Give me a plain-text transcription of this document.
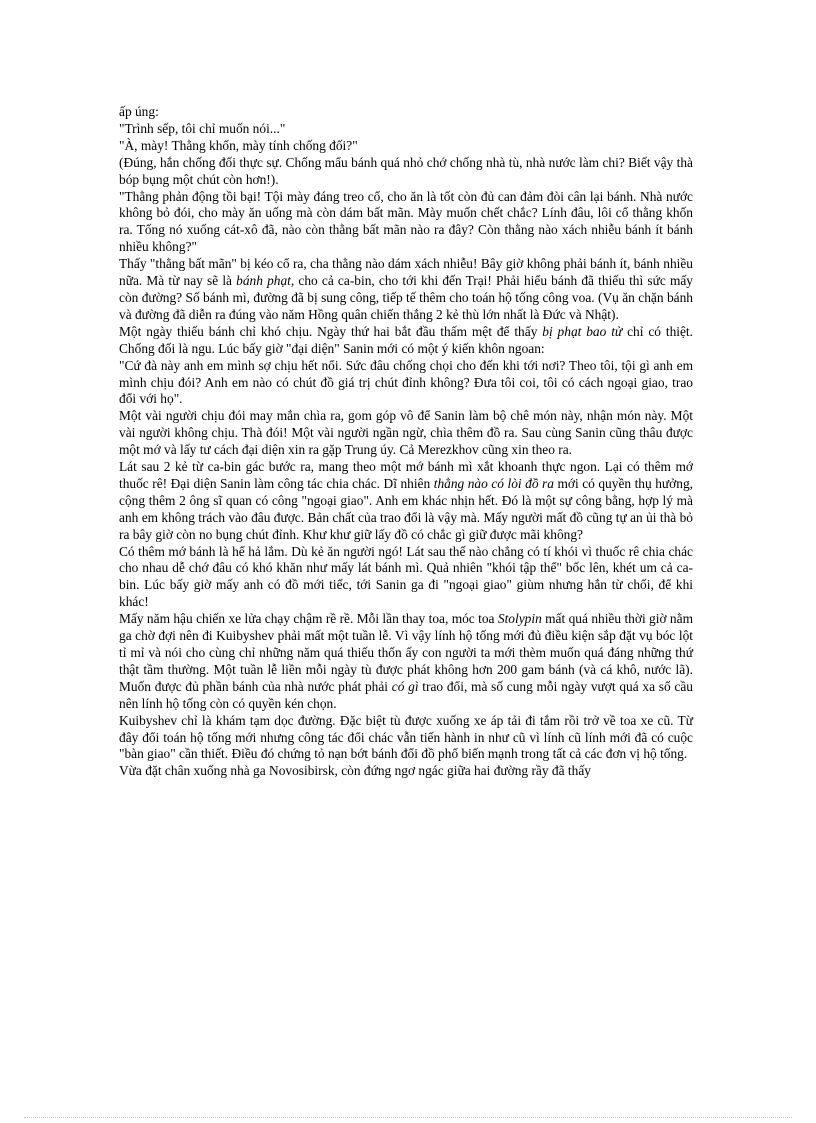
ấp úng:

"Trình sếp, tôi chỉ muốn nói..."

"À, mày! Thằng khốn, mày tính chống đối?"

(Đúng, hắn chống đối thực sự. Chống mẩu bánh quá nhỏ chớ chống nhà tù, nhà nước làm chi? Biết vậy thà bóp bụng một chút còn hơn!).

"Thằng phản động tồi bại! Tội mày đáng treo cổ, cho ăn là tốt còn đủ can đảm đòi cân lại bánh. Nhà nước không bỏ đói, cho mày ăn uống mà còn dám bất mãn. Mày muốn chết chắc? Lính đâu, lôi cổ thằng khốn ra. Tống nó xuống cát-xô đã, nào còn thằng bất mãn nào ra đây? Còn thằng nào xách nhiễu bánh ít bánh nhiều không?"

Thấy "thằng bất mãn" bị kéo cổ ra, cha thằng nào dám xách nhiễu! Bây giờ không phải bánh ít, bánh nhiều nữa. Mà từ nay sẽ là bánh phạt, cho cả ca-bin, cho tới khi đến Trại! Phải hiểu bánh đã thiếu thì sức mấy còn đường? Số bánh mì, đường đã bị sung công, tiếp tế thêm cho toán hộ tống công voa. (Vụ ăn chặn bánh và đường đã diễn ra đúng vào năm Hồng quân chiến thắng 2 kẻ thù lớn nhất là Đức và Nhật).

Một ngày thiếu bánh chỉ khó chịu. Ngày thứ hai bắt đầu thấm mệt để thấy bị phạt bao tử chỉ có thiệt. Chống đối là ngu. Lúc bấy giờ "đại diện" Sanin mới có một ý kiến khôn ngoan:

"Cứ đà này anh em mình sợ chịu hết nổi. Sức đâu chống chọi cho đến khi tới nơi? Theo tôi, tội gì anh em mình chịu đói? Anh em nào có chút đồ giá trị chút đỉnh không? Đưa tôi coi, tôi có cách ngoại giao, trao đổi với họ".

Một vài người chịu đói may mắn chìa ra, gom góp vô để Sanin làm bộ chê món này, nhận món này. Một vài người không chịu. Thà đói! Một vài người ngần ngừ, chìa thêm đồ ra. Sau cùng Sanin cũng thâu được một mớ và lấy tư cách đại diện xin ra gặp Trung úy. Cả Merezkhov cũng xin theo ra.

Lát sau 2 kẻ từ ca-bin gác bước ra, mang theo một mớ bánh mì xắt khoanh thực ngon. Lại có thêm mớ thuốc rê! Đại diện Sanin làm công tác chia chác. Dĩ nhiên thằng nào có lòi đồ ra mới có quyền thụ hưởng, cộng thêm 2 ông sĩ quan có công "ngoại giao". Anh em khác nhịn hết. Đó là một sự công bằng, hợp lý mà anh em không trách vào đâu được. Bản chất của trao đổi là vậy mà. Mấy người mất đồ cũng tự an ủi thà bỏ ra bây giờ còn no bụng chút đỉnh. Khư khư giữ lấy đồ có chắc gì giữ được mãi không?

Có thêm mớ bánh là hể hả lắm. Dù kẻ ăn người ngó! Lát sau thế nào chẳng có tí khói vì thuốc rê chia chác cho nhau dễ chớ đâu có khó khăn như mấy lát bánh mì. Quả nhiên "khói tập thể" bốc lên, khét um cả ca-bin. Lúc bấy giờ mấy anh có đồ mới tiếc, tới Sanin ga đi "ngoại giao" giùm nhưng hắn từ chối, để khi khác!

Mấy năm hậu chiến xe lửa chạy chậm rề rề. Mỗi lần thay toa, móc toa Stolypin mất quá nhiều thời giờ nằm ga chờ đợi nên đi Kuibyshev phải mất một tuần lễ. Vì vậy lính hộ tống mới đủ điều kiện sắp đặt vụ bóc lột tỉ mỉ và nói cho cùng chỉ những năm quá thiếu thốn ấy con người ta mới thèm muốn quá đáng những thứ thật tầm thường. Một tuần lễ liền mỗi ngày tù được phát không hơn 200 gam bánh (và cá khô, nước lã). Muốn được đủ phần bánh của nhà nước phát phải có gì trao đổi, mà số cung mỗi ngày vượt quá xa số cầu nên lính hộ tống còn có quyền kén chọn.

Kuibyshev chỉ là khám tạm dọc đường. Đặc biệt tù được xuống xe áp tải đi tắm rồi trở về toa xe cũ. Từ đây đổi toán hộ tống mới nhưng công tác đổi chác vẫn tiến hành in như cũ vì lính cũ lính mới đã có cuộc "bàn giao" cần thiết. Điều đó chứng tỏ nạn bớt bánh đổi đồ phổ biến mạnh trong tất cả các đơn vị hộ tống.

Vừa đặt chân xuống nhà ga Novosibirsk, còn đứng ngơ ngác giữa hai đường rầy đã thấy
